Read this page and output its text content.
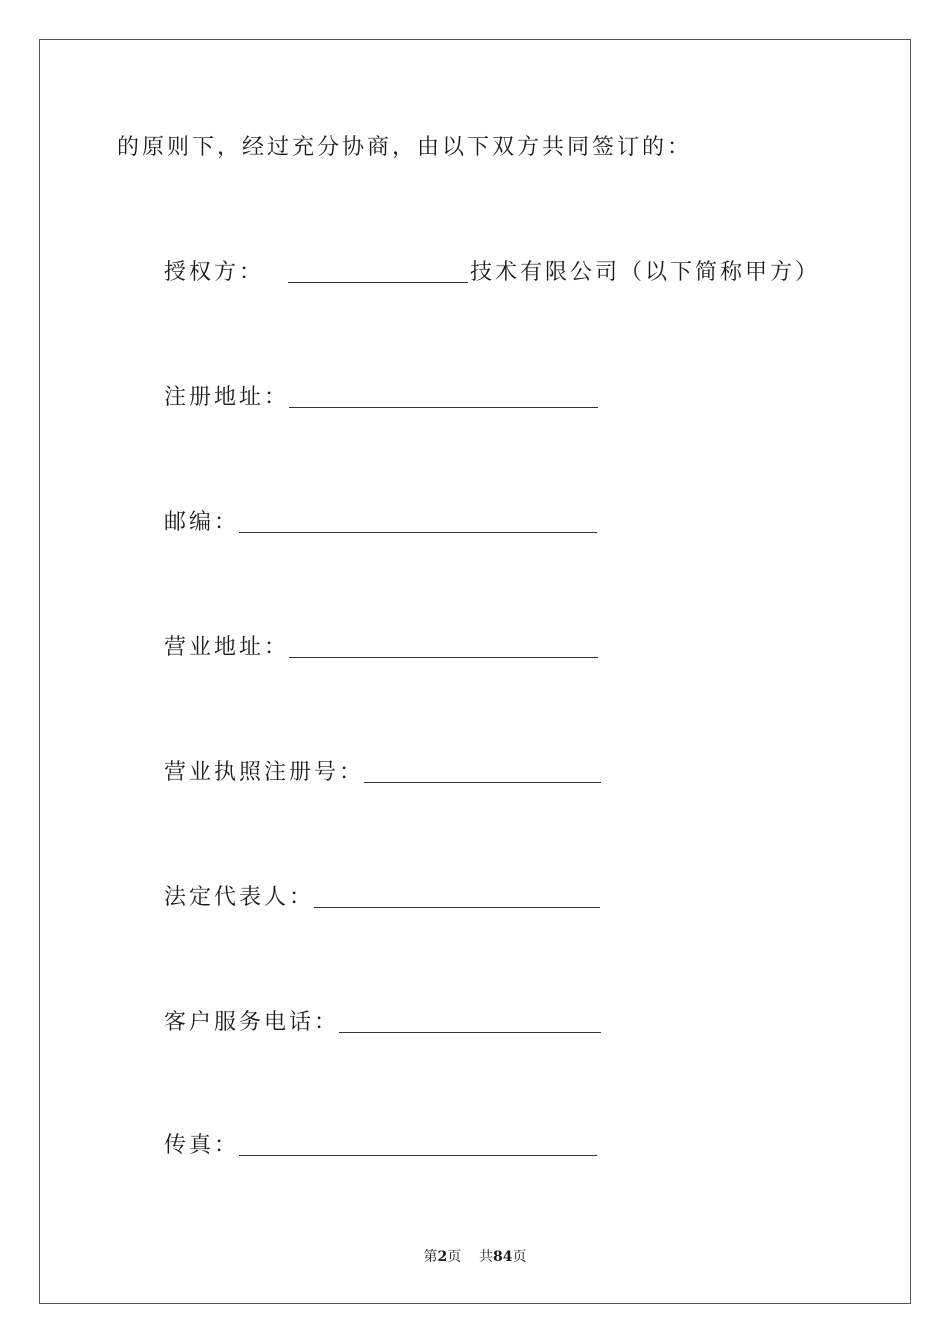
的原则下，经过充分协商，由以下双方共同签订的：
授权方：	技术有限公司（以下简称甲方）
注册地址：
邮编：
营业地址：
营业执照注册号：
法定代表人：
客户服务电话：
传真：
第2页 共84页
